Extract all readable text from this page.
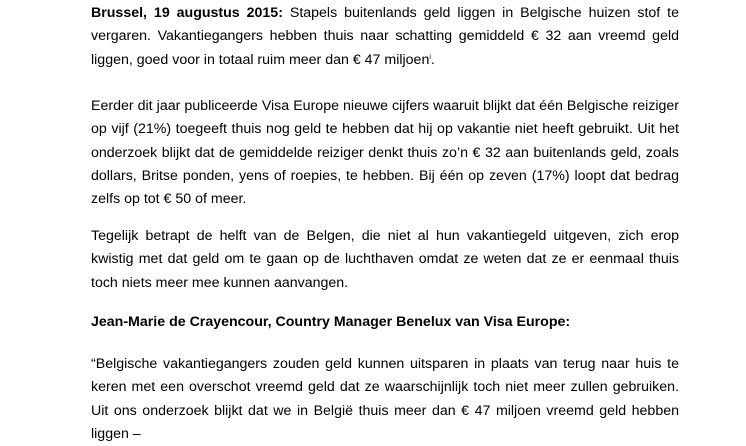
Brussel, 19 augustus 2015: Stapels buitenlands geld liggen in Belgische huizen stof te vergaren. Vakantiegangers hebben thuis naar schatting gemiddeld € 32 aan vreemd geld liggen, goed voor in totaal ruim meer dan € 47 miljoen$^i$.

Eerder dit jaar publiceerde Visa Europe nieuwe cijfers waaruit blijkt dat één Belgische reiziger op vijf (21%) toegeeft thuis nog geld te hebben dat hij op vakantie niet heeft gebruikt. Uit het onderzoek blijkt dat de gemiddelde reiziger denkt thuis zo’n € 32 aan buitenlands geld, zoals dollars, Britse ponden, yens of roepies, te hebben. Bij één op zeven (17%) loopt dat bedrag zelfs op tot € 50 of meer.

Tegelijk betrapt de helft van de Belgen, die niet al hun vakantiegeld uitgeven, zich erop kwistig met dat geld om te gaan op de luchthaven omdat ze weten dat ze er eenmaal thuis toch niets meer mee kunnen aanvangen.

Jean-Marie de Crayencour, Country Manager Benelux van Visa Europe:

“Belgische vakantiegangers zouden geld kunnen uitsparen in plaats van terug naar huis te keren met een overschot vreemd geld dat ze waarschijnlijk toch niet meer zullen gebruiken. Uit ons onderzoek blijkt dat we in België thuis meer dan € 47 miljoen vreemd geld hebben liggen –
